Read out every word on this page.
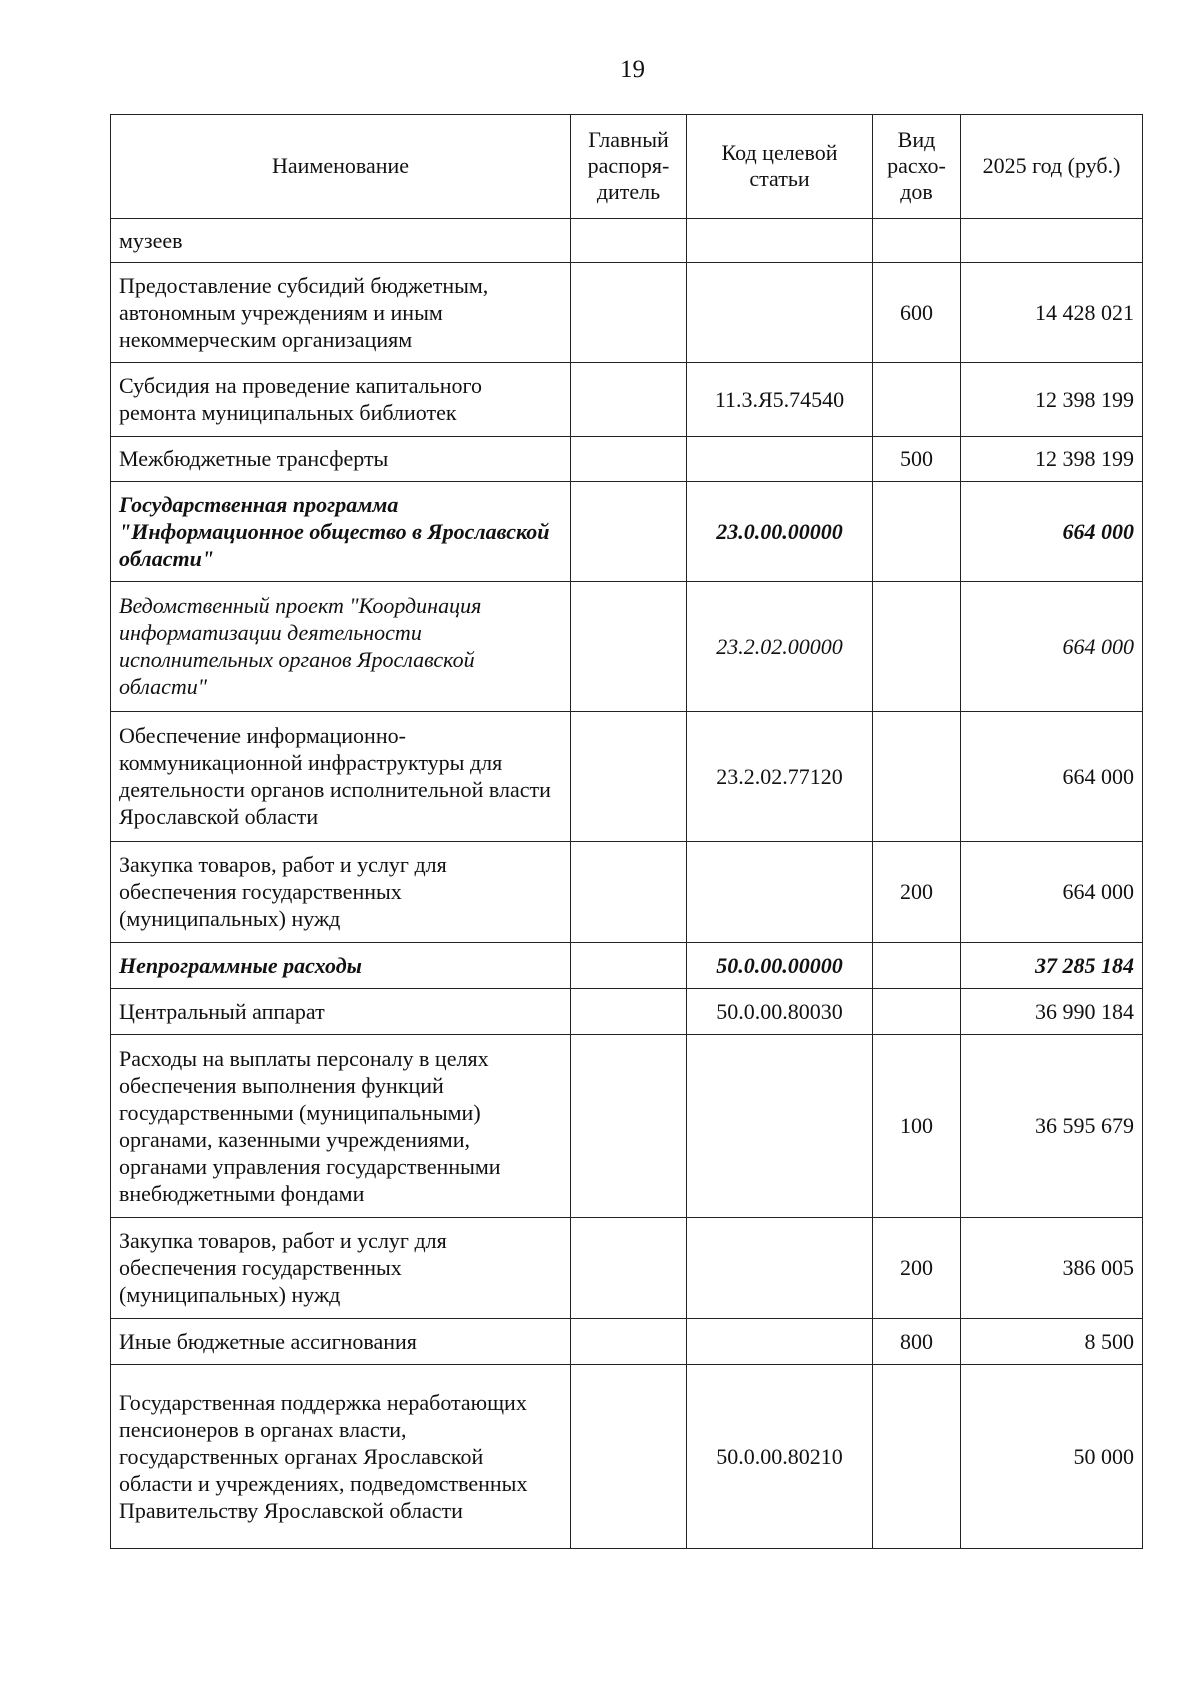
19
Наименование	Главный распоря-дитель	Код целевой статьи	Вид расхо-дов	2025 год (руб.)
музеев				
Предоставление субсидий бюджетным, автономным учреждениям и иным некоммерческим организациям			600	14 428 021
Субсидия на проведение капитального ремонта муниципальных библиотек		11.3.Я5.74540		12 398 199
Межбюджетные трансферты			500	12 398 199
Государственная программа "Информационное общество в Ярославской области"		23.0.00.00000		664 000
Ведомственный проект "Координация информатизации деятельности исполнительных органов Ярославской области"		23.2.02.00000		664 000
Обеспечение информационно-коммуникационной инфраструктуры для деятельности органов исполнительной власти Ярославской области		23.2.02.77120		664 000
Закупка товаров, работ и услуг для обеспечения государственных (муниципальных) нужд			200	664 000
Непрограммные расходы		50.0.00.00000		37 285 184
Центральный аппарат		50.0.00.80030		36 990 184
Расходы на выплаты персоналу в целях обеспечения выполнения функций государственными (муниципальными) органами, казенными учреждениями, органами управления государственными внебюджетными фондами			100	36 595 679
Закупка товаров, работ и услуг для обеспечения государственных (муниципальных) нужд			200	386 005
Иные бюджетные ассигнования			800	8 500
Государственная поддержка неработающих пенсионеров в органах власти, государственных органах Ярославской области и учреждениях, подведомственных Правительству Ярославской области		50.0.00.80210		50 000
